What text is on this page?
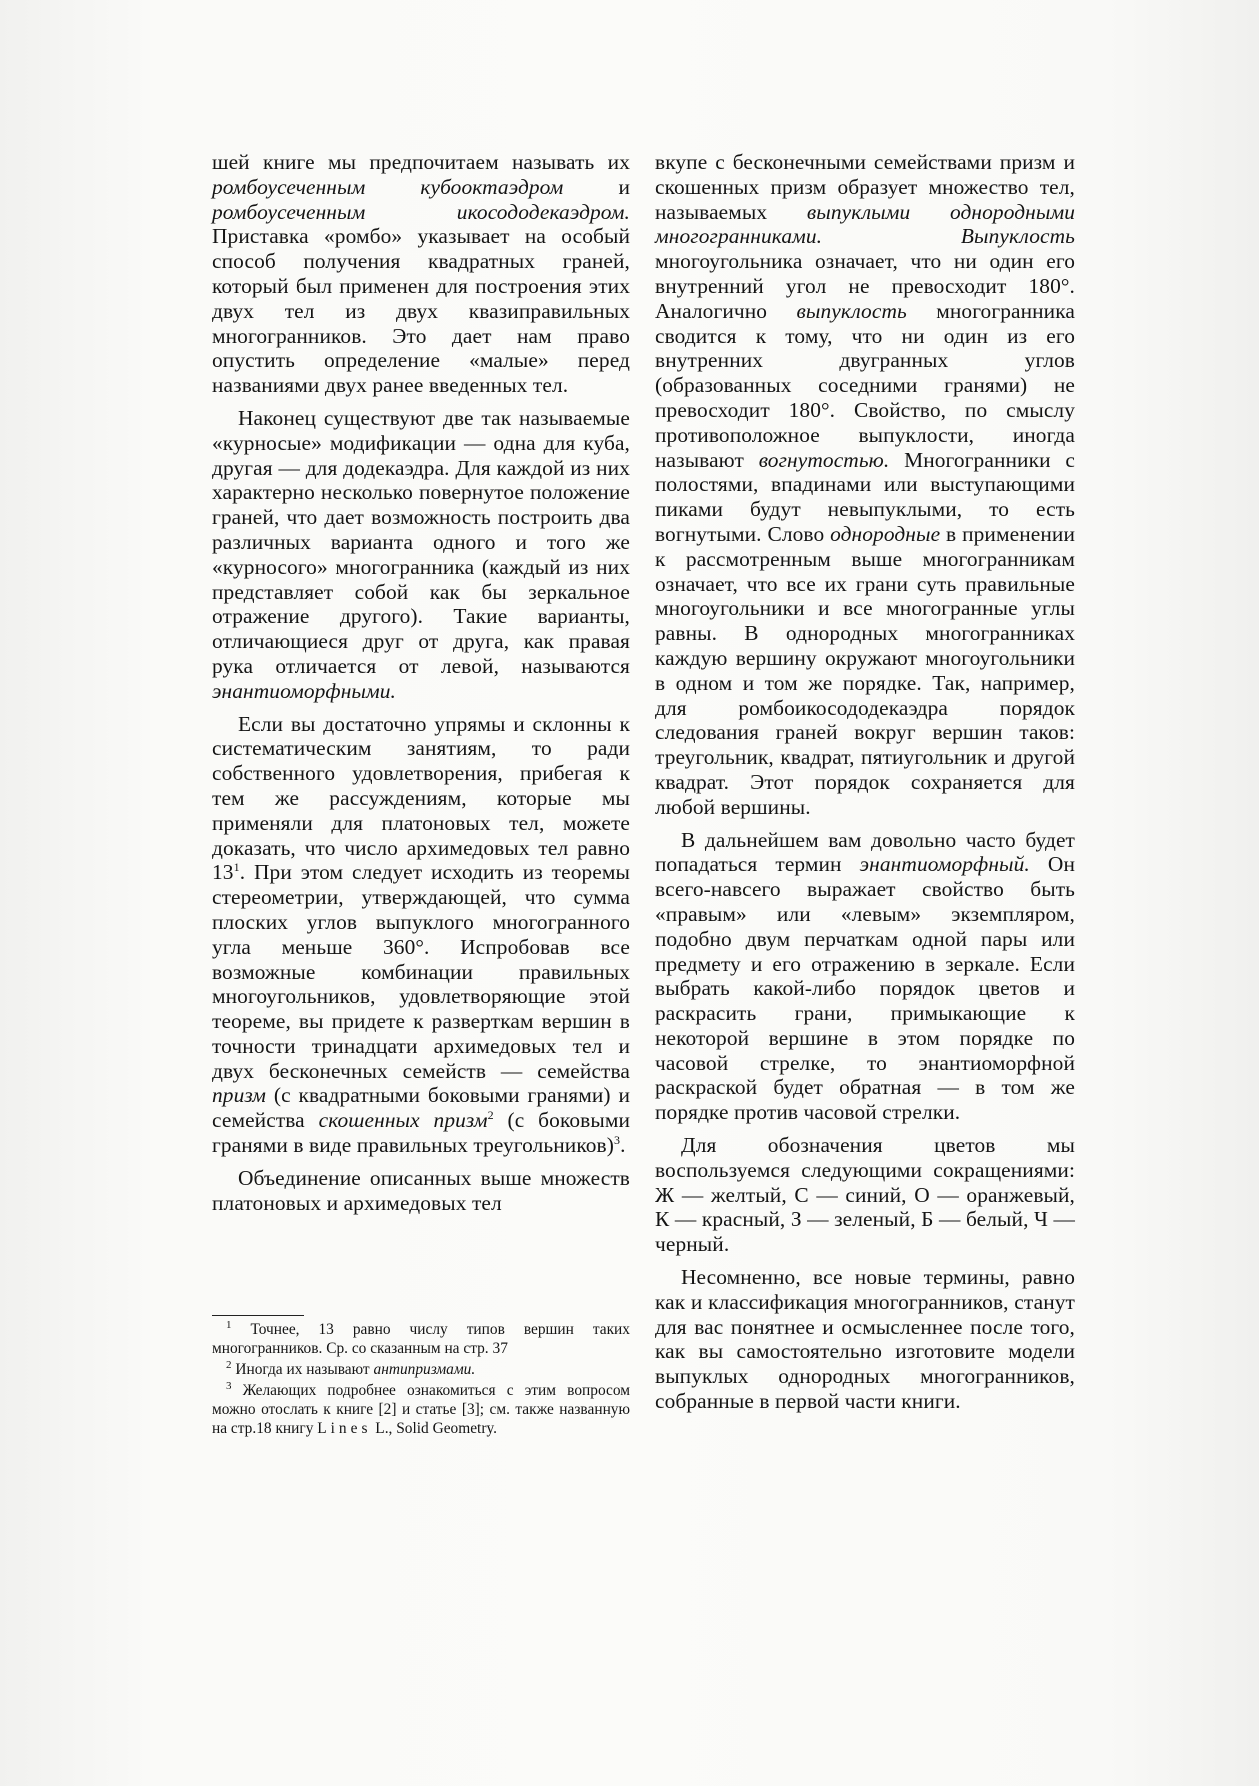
шей книге мы предпочитаем называть их ромбоусеченным кубооктаэдром и ромбоусеченным икосододекаэдром. Приставка «ромбо» указывает на особый способ получения квадратных граней, который был применен для построения этих двух тел из двух квазиправильных многогранников. Это дает нам право опустить определение «малые» перед названиями двух ранее введенных тел.

Наконец существуют две так называемые «курносые» модификации — одна для куба, другая — для додекаэдра. Для каждой из них характерно несколько повернутое положение граней, что дает возможность построить два различных варианта одного и того же «курносого» многогранника (каждый из них представляет собой как бы зеркальное отражение другого). Такие варианты, отличающиеся друг от друга, как правая рука отличается от левой, называются энантиоморфными.

Если вы достаточно упрямы и склонны к систематическим занятиям, то ради собственного удовлетворения, прибегая к тем же рассуждениям, которые мы применяли для платоновых тел, можете доказать, что число архимедовых тел равно $13^1$. При этом следует исходить из теоремы стереометрии, утверждающей, что сумма плоских углов выпуклого многогранного угла меньше 360°. Испробовав все возможные комбинации правильных многоугольников, удовлетворяющие этой теореме, вы придете к разверткам вершин в точности тринадцати архимедовых тел и двух бесконечных семейств — семейства призм (с квадратными боковыми гранями) и семейства скошенных призм$^2$ (с боковыми гранями в виде правильных треугольников)$^3$.

Объединение описанных выше множеств платоновых и архимедовых тел

$^1$ Точнее, 13 равно числу типов вершин таких многогранников. Ср. со сказанным на стр. 37

$^2$ Иногда их называют антипризмами.

$^3$ Желающих подробнее ознакомиться с этим вопросом можно отослать к книге [2] и статье [3]; см. также названную на стр.18 книгу Lines L., Solid Geometry.

вкупе с бесконечными семействами призм и скошенных призм образует множество тел, называемых выпуклыми однородными многогранниками. Выпуклость многоугольника означает, что ни один его внутренний угол не превосходит 180°. Аналогично выпуклость многогранника сводится к тому, что ни один из его внутренних двугранных углов (образованных соседними гранями) не превосходит 180°. Свойство, по смыслу противоположное выпуклости, иногда называют вогнутостью. Многогранники с полостями, впадинами или выступающими пиками будут невыпуклыми, то есть вогнутыми. Слово однородные в применении к рассмотренным выше многогранникам означает, что все их грани суть правильные многоугольники и все многогранные углы равны. В однородных многогранниках каждую вершину окружают многоугольники в одном и том же порядке. Так, например, для ромбоикосододекаэдра порядок следования граней вокруг вершин таков: треугольник, квадрат, пятиугольник и другой квадрат. Этот порядок сохраняется для любой вершины.

В дальнейшем вам довольно часто будет попадаться термин энантиоморфный. Он всего-навсего выражает свойство быть «правым» или «левым» экземпляром, подобно двум перчаткам одной пары или предмету и его отражению в зеркале. Если выбрать какой-либо порядок цветов и раскрасить грани, примыкающие к некоторой вершине в этом порядке по часовой стрелке, то энантиоморфной раскраской будет обратная — в том же порядке против часовой стрелки.

Для обозначения цветов мы воспользуемся следующими сокращениями: Ж — желтый, С — синий, О — оранжевый, К — красный, З — зеленый, Б — белый, Ч — черный.

Несомненно, все новые термины, равно как и классификация многогранников, станут для вас понятнее и осмысленнее после того, как вы самостоятельно изготовите модели выпуклых однородных многогранников, собранные в первой части книги.
